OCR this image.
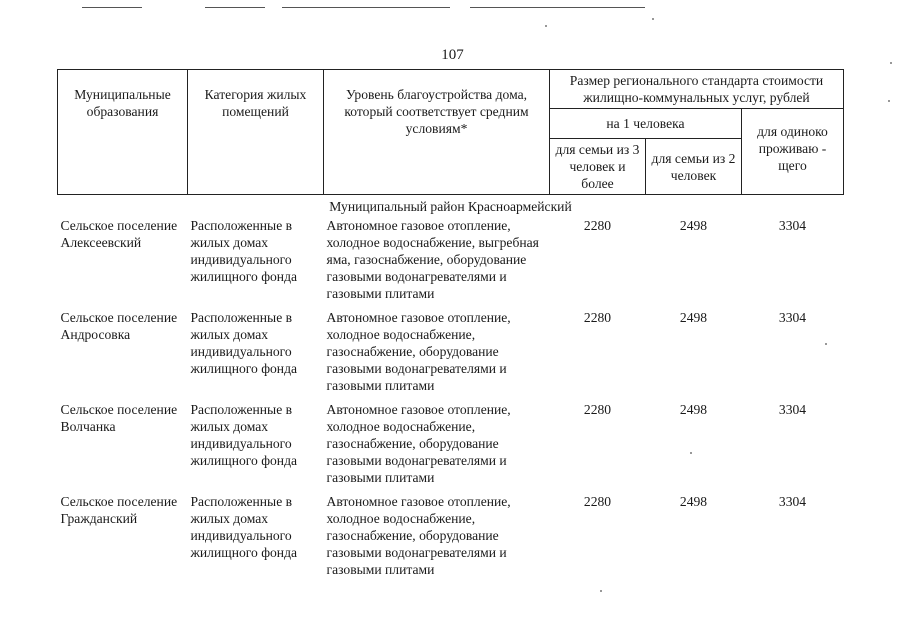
107
Муниципальные образования	Категория жилых помещений	Уровень благоустройства дома, который соответствует средним условиям*	Размер регионального стандарта стоимости жилищно-коммунальных услуг, рублей		
			на 1 человека		для одиноко проживаю - щего
			для семьи из 3 человек и более	для семьи из 2 человек	
Муниципальный район Красноармейский					
Сельское поселение Алексеевский	Расположенные в жилых домах индивидуального жилищного фонда	Автономное газовое отопление, холодное водоснабжение, выгребная яма, газоснабжение, оборудование газовыми водонагревателями и газовыми плитами	2280	2498	3304
Сельское поселение Андросовка	Расположенные в жилых домах индивидуального жилищного фонда	Автономное газовое отопление, холодное водоснабжение, газоснабжение, оборудование газовыми водонагревателями и газовыми плитами	2280	2498	3304
Сельское поселение Волчанка	Расположенные в жилых домах индивидуального жилищного фонда	Автономное газовое отопление, холодное водоснабжение, газоснабжение, оборудование газовыми водонагревателями и газовыми плитами	2280	2498	3304
Сельское поселение Гражданский	Расположенные в жилых домах индивидуального жилищного фонда	Автономное газовое отопление, холодное водоснабжение, газоснабжение, оборудование газовыми водонагревателями и газовыми плитами	2280	2498	3304
